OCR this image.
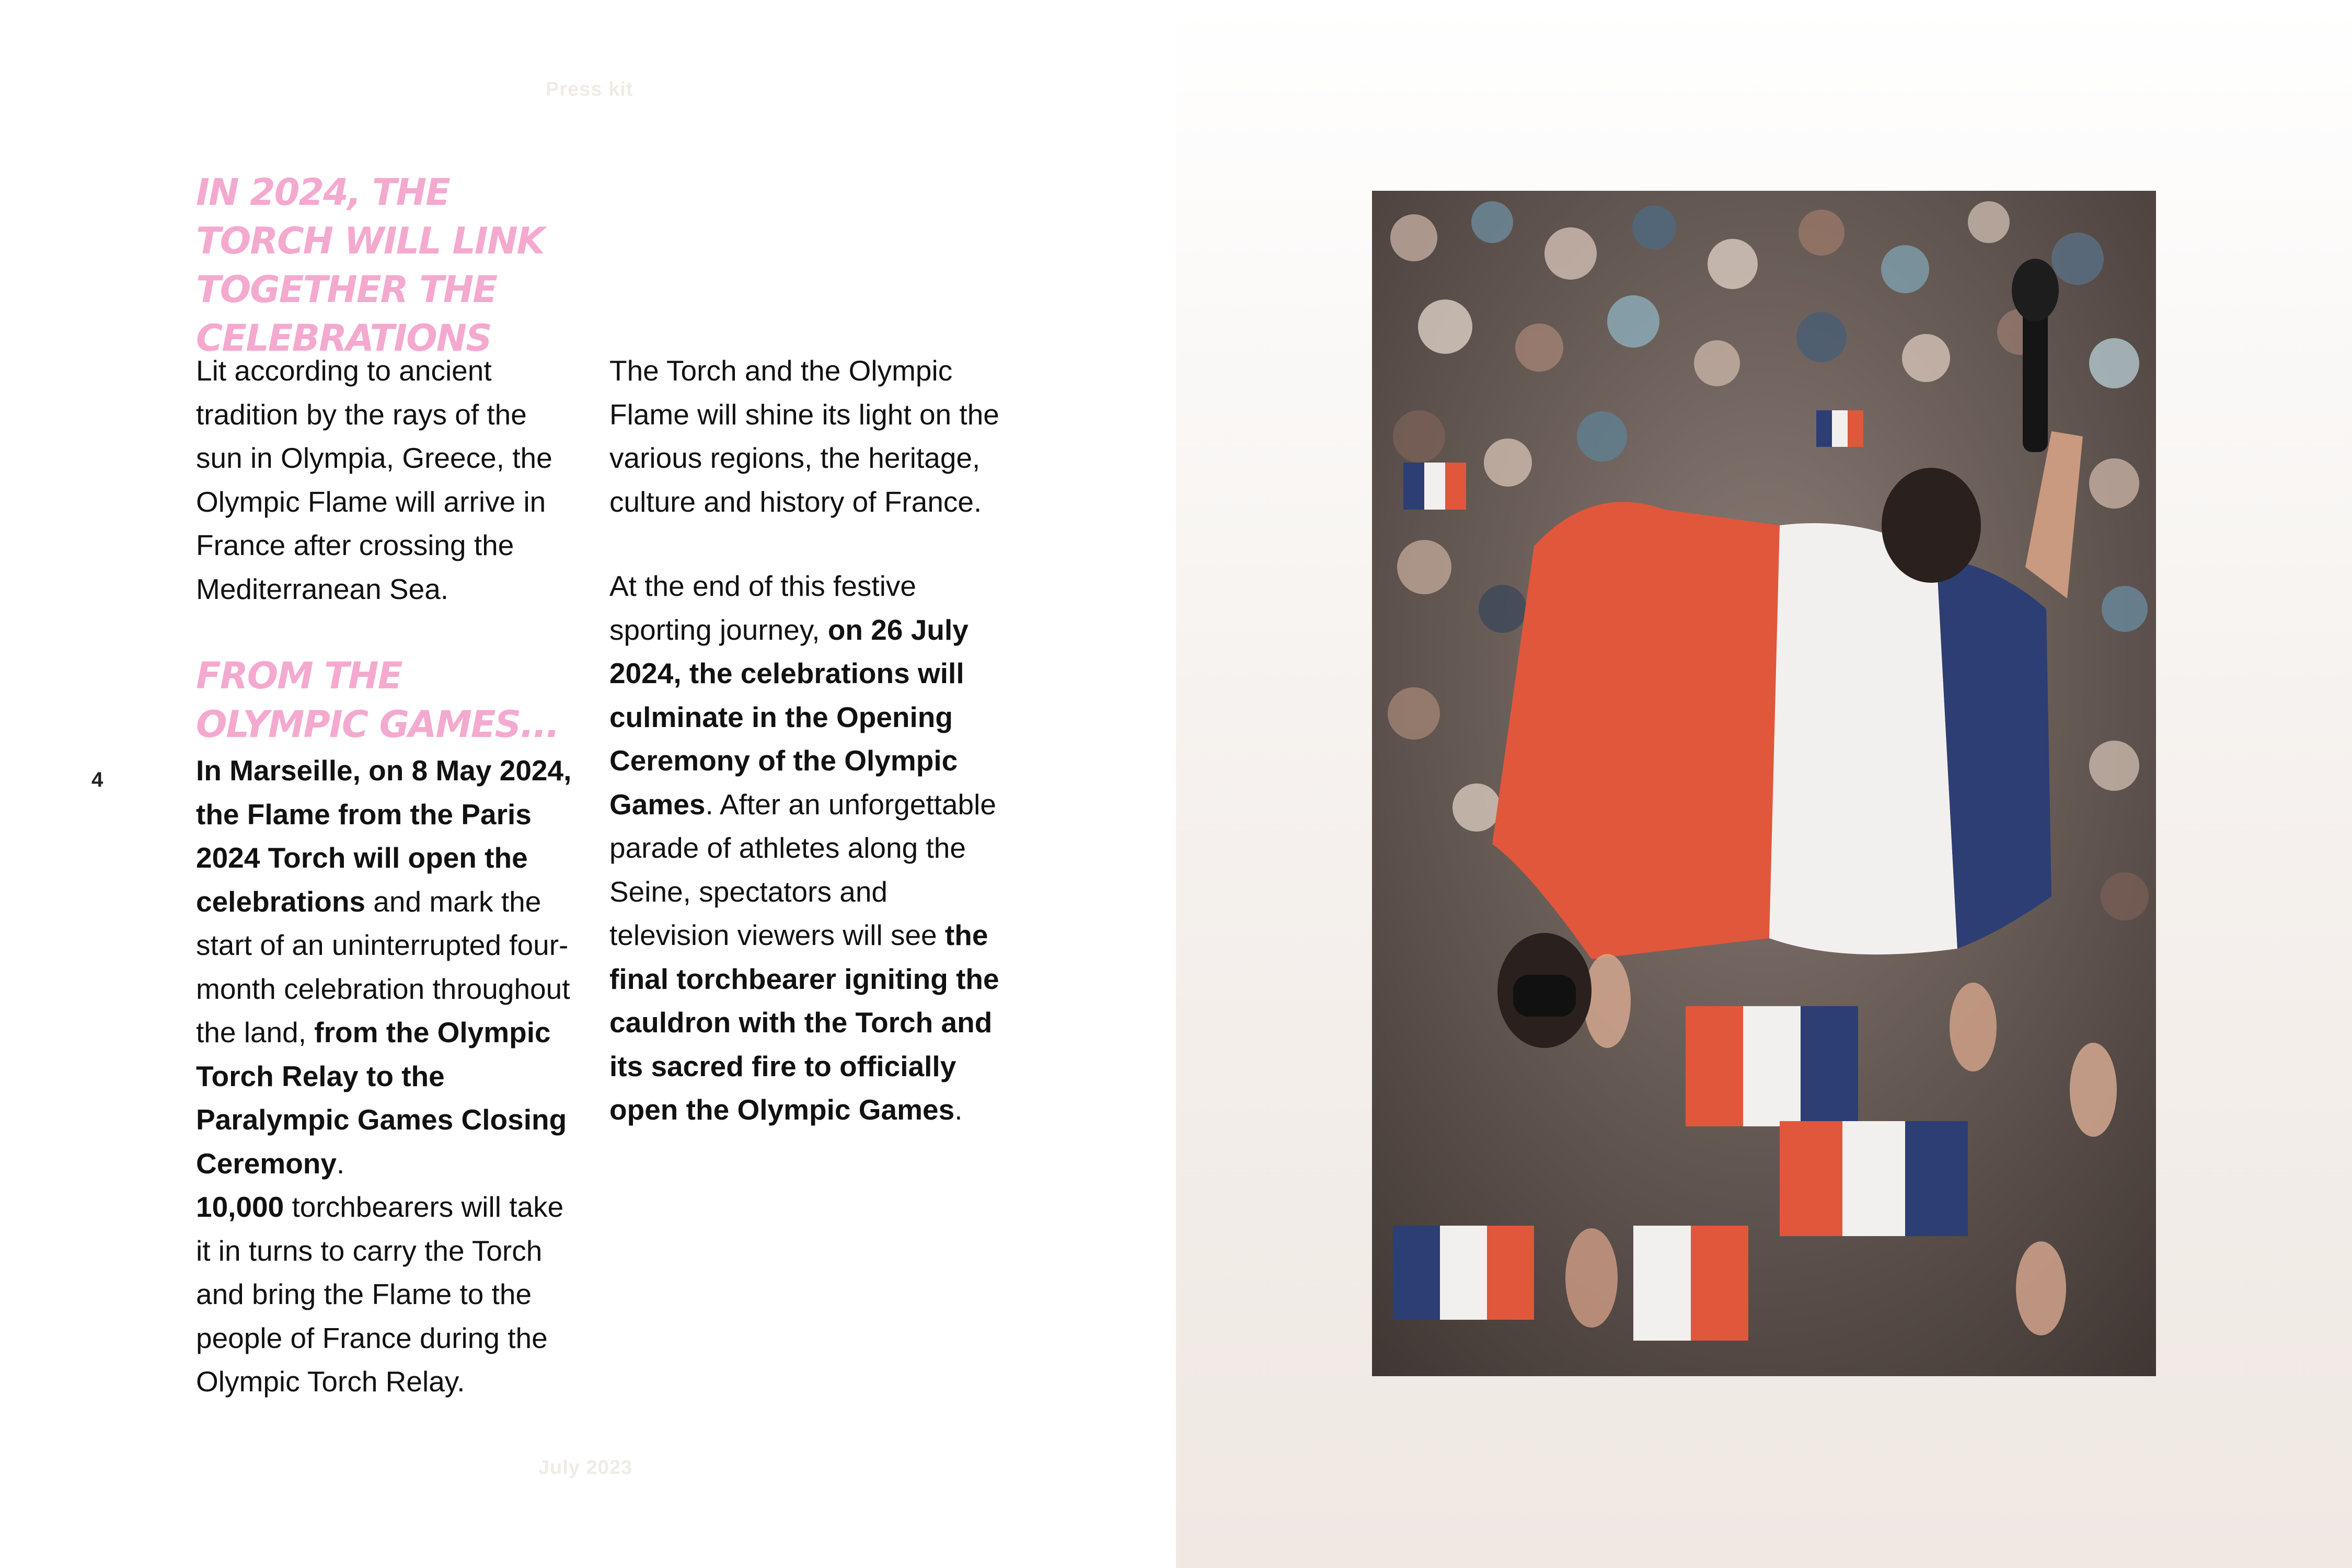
Press kit
IN 2024, THE TORCH WILL LINK TOGETHER THE CELEBRATIONS
4

Lit according to ancient tradition by the rays of the sun in Olympia, Greece, the Olympic Flame will arrive in France after crossing the Mediterranean Sea.

FROM THE OLYMPIC GAMES...

In Marseille, on 8 May 2024, the Flame from the Paris 2024 Torch will open the celebrations and mark the start of an uninterrupted four-month celebration throughout the land, from the Olympic Torch Relay to the Paralympic Games Closing Ceremony.

10,000 torchbearers will take it in turns to carry the Torch and bring the Flame to the people of France during the Olympic Torch Relay.

The Torch and the Olympic Flame will shine its light on the various regions, the heritage, culture and history of France.

At the end of this festive sporting journey, on 26 July 2024, the celebrations will culminate in the Opening Ceremony of the Olympic Games. After an unforgettable parade of athletes along the Seine, spectators and television viewers will see the final torchbearer igniting the cauldron with the Torch and its sacred fire to officially open the Olympic Games.

July 2023
